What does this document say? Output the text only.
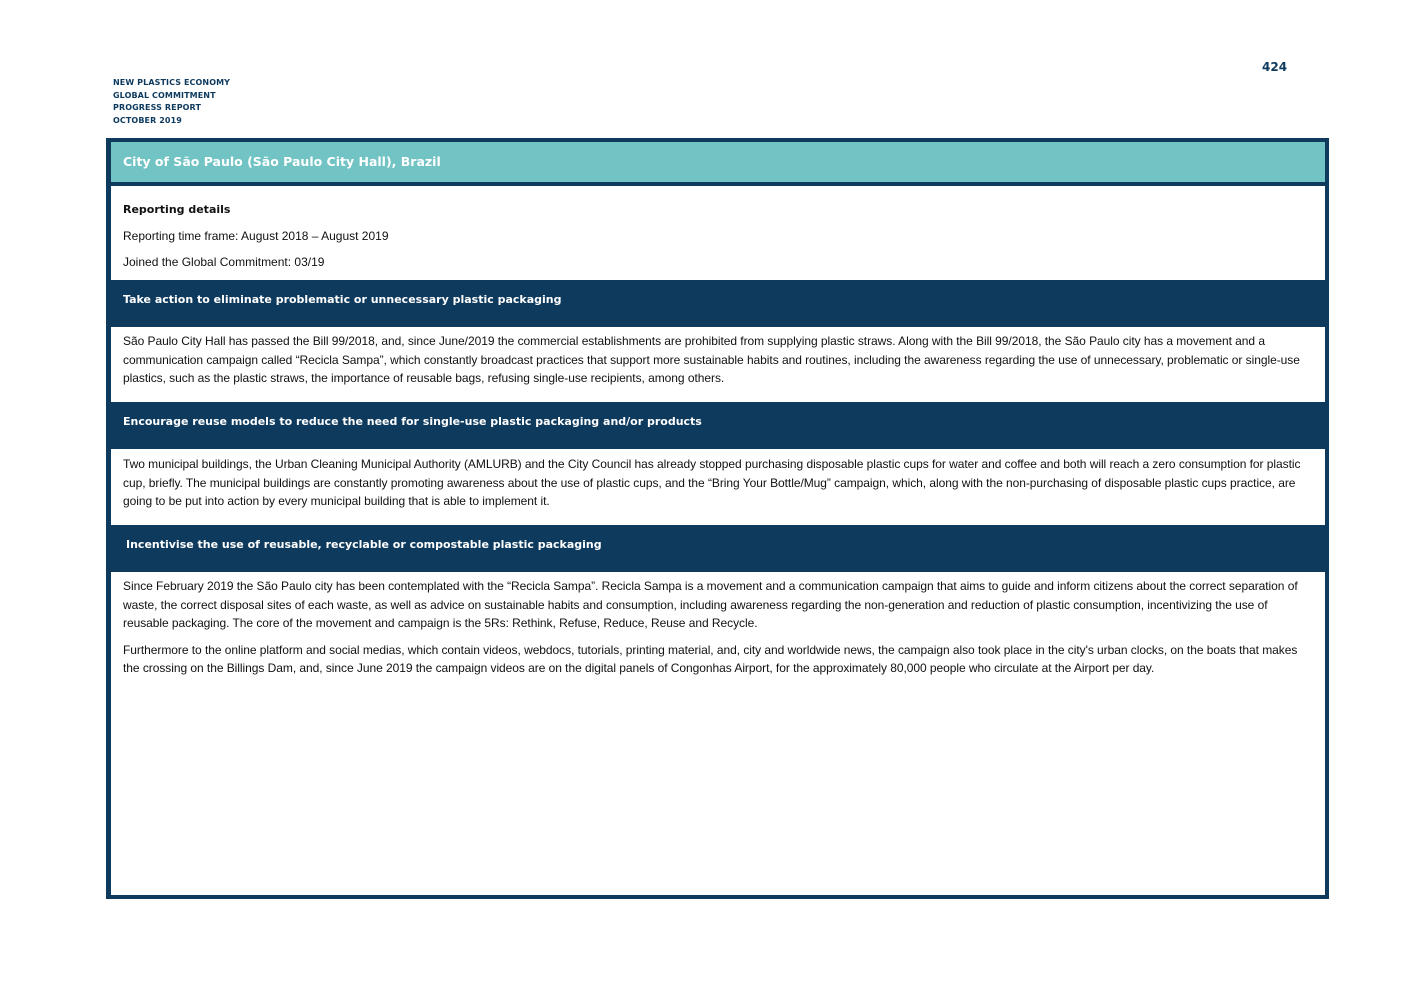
NEW PLASTICS ECONOMY
GLOBAL COMMITMENT
PROGRESS REPORT
OCTOBER 2019
424
City of São Paulo (São Paulo City Hall), Brazil
Reporting details
Reporting time frame: August 2018 – August 2019
Joined the Global Commitment: 03/19
Take action to eliminate problematic or unnecessary plastic packaging

São Paulo City Hall has passed the Bill 99/2018, and, since June/2019 the commercial establishments are prohibited from supplying plastic straws. Along with the Bill 99/2018, the São Paulo city has a movement and a communication campaign called “Recicla Sampa”, which constantly broadcast practices that support more sustainable habits and routines, including the awareness regarding the use of unnecessary, problematic or single-use plastics, such as the plastic straws, the importance of reusable bags, refusing single-use recipients, among others.

Encourage reuse models to reduce the need for single-use plastic packaging and/or products

Two municipal buildings, the Urban Cleaning Municipal Authority (AMLURB) and the City Council has already stopped purchasing disposable plastic cups for water and coffee and both will reach a zero consumption for plastic cup, briefly. The municipal buildings are constantly promoting awareness about the use of plastic cups, and the “Bring Your Bottle/Mug” campaign, which, along with the non-purchasing of disposable plastic cups practice, are going to be put into action by every municipal building that is able to implement it.

Incentivise the use of reusable, recyclable or compostable plastic packaging

Since February 2019 the São Paulo city has been contemplated with the “Recicla Sampa”. Recicla Sampa is a movement and a communication campaign that aims to guide and inform citizens about the correct separation of waste, the correct disposal sites of each waste, as well as advice on sustainable habits and consumption, including awareness regarding the non-generation and reduction of plastic consumption, incentivizing the use of reusable packaging. The core of the movement and campaign is the 5Rs: Rethink, Refuse, Reduce, Reuse and Recycle.

Furthermore to the online platform and social medias, which contain videos, webdocs, tutorials, printing material, and, city and worldwide news, the campaign also took place in the city's urban clocks, on the boats that makes the crossing on the Billings Dam, and, since June 2019 the campaign videos are on the digital panels of Congonhas Airport, for the approximately 80,000 people who circulate at the Airport per day.
